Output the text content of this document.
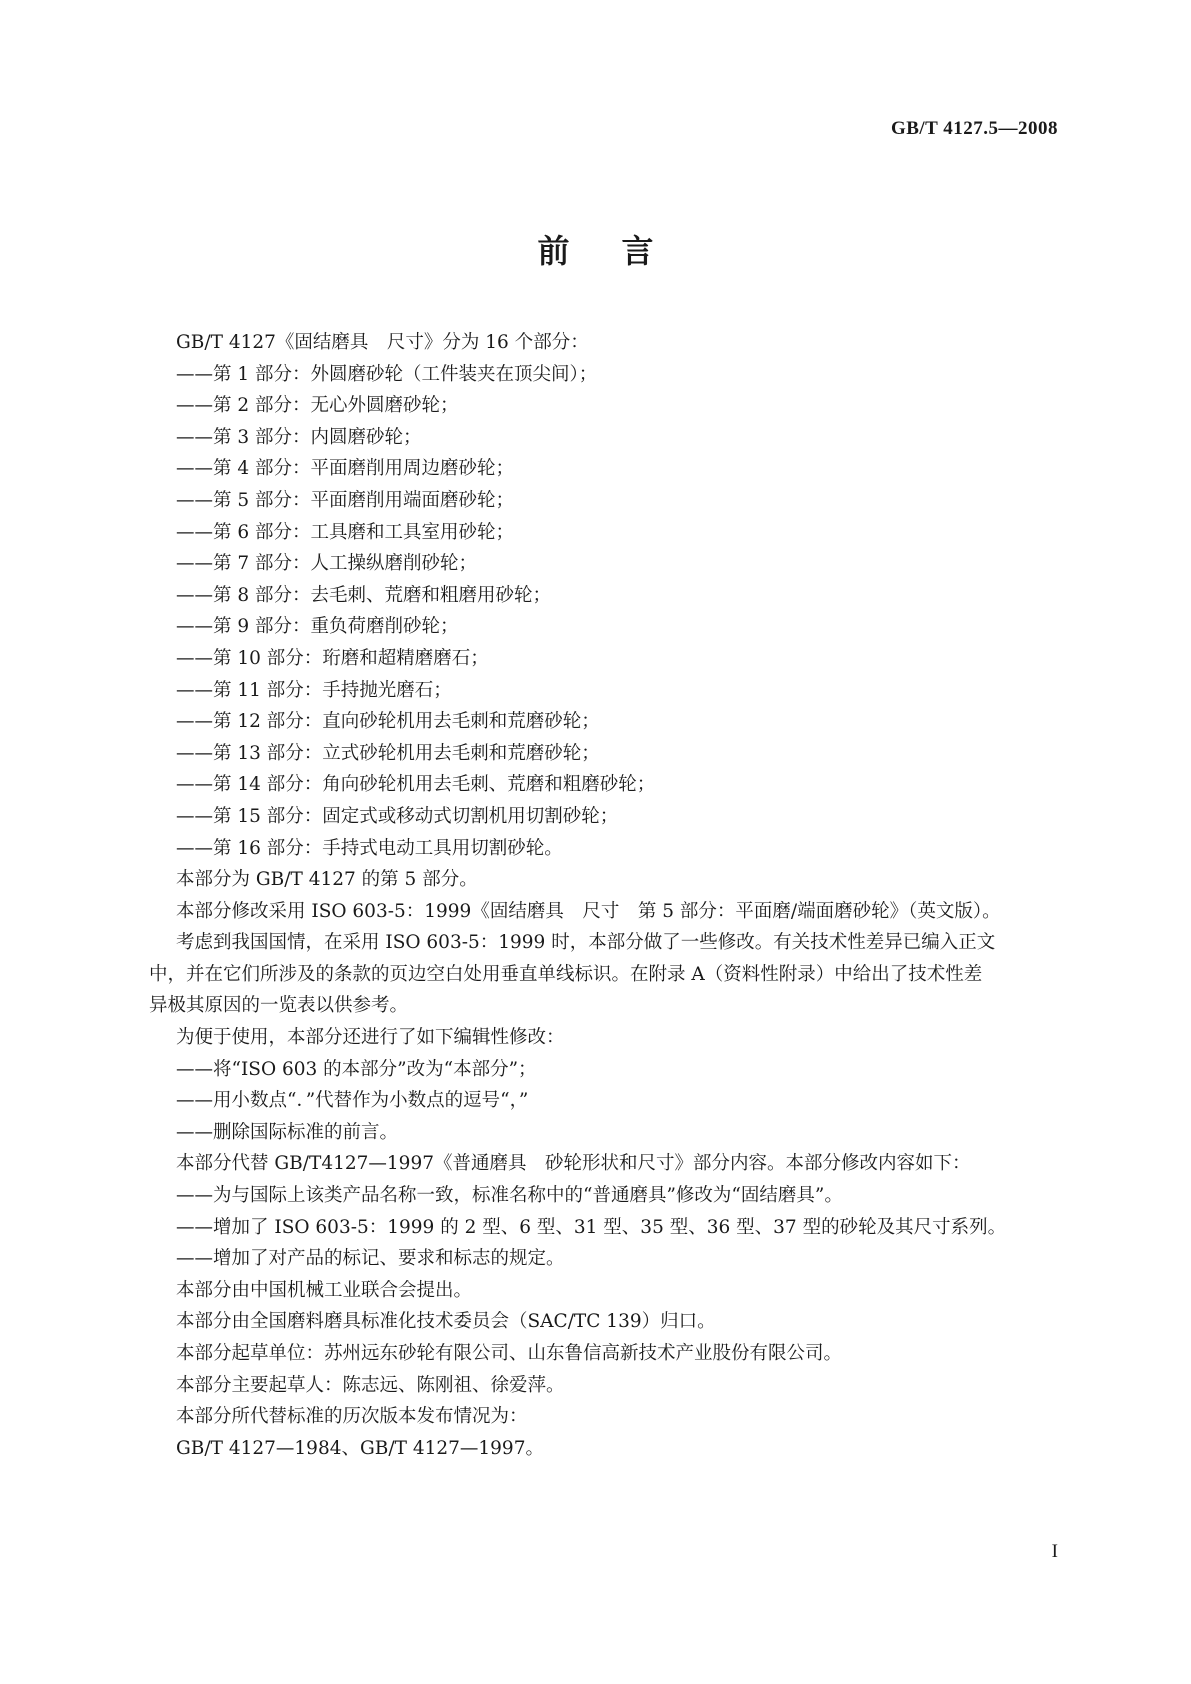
GB/T 4127.5—2008

前言

GB/T 4127《固结磨具　尺寸》分为 16 个部分：

——第 1 部分：外圆磨砂轮（工件装夹在顶尖间）；

——第 2 部分：无心外圆磨砂轮；

——第 3 部分：内圆磨砂轮；

——第 4 部分：平面磨削用周边磨砂轮；

——第 5 部分：平面磨削用端面磨砂轮；

——第 6 部分：工具磨和工具室用砂轮；

——第 7 部分：人工操纵磨削砂轮；

——第 8 部分：去毛刺、荒磨和粗磨用砂轮；

——第 9 部分：重负荷磨削砂轮；

——第 10 部分：珩磨和超精磨磨石；

——第 11 部分：手持抛光磨石；

——第 12 部分：直向砂轮机用去毛刺和荒磨砂轮；

——第 13 部分：立式砂轮机用去毛刺和荒磨砂轮；

——第 14 部分：角向砂轮机用去毛刺、荒磨和粗磨砂轮；

——第 15 部分：固定式或移动式切割机用切割砂轮；

——第 16 部分：手持式电动工具用切割砂轮。

本部分为 GB/T 4127 的第 5 部分。

本部分修改采用 ISO 603-5：1999《固结磨具　尺寸　第 5 部分：平面磨/端面磨砂轮》（英文版）。

考虑到我国国情，在采用 ISO 603-5：1999 时，本部分做了一些修改。有关技术性差异已编入正文

中，并在它们所涉及的条款的页边空白处用垂直单线标识。在附录 A（资料性附录）中给出了技术性差

异极其原因的一览表以供参考。

为便于使用，本部分还进行了如下编辑性修改：

——将“ISO 603 的本部分”改为“本部分”；

——用小数点“．”代替作为小数点的逗号“，”

——删除国际标准的前言。

本部分代替 GB/T4127—1997《普通磨具　砂轮形状和尺寸》部分内容。本部分修改内容如下：

——为与国际上该类产品名称一致，标准名称中的“普通磨具”修改为“固结磨具”。

——增加了 ISO 603-5：1999 的 2 型、6 型、31 型、35 型、36 型、37 型的砂轮及其尺寸系列。

——增加了对产品的标记、要求和标志的规定。

本部分由中国机械工业联合会提出。

本部分由全国磨料磨具标准化技术委员会（SAC/TC 139）归口。

本部分起草单位：苏州远东砂轮有限公司、山东鲁信高新技术产业股份有限公司。

本部分主要起草人：陈志远、陈刚祖、徐爱萍。

本部分所代替标准的历次版本发布情况为：

GB/T 4127—1984、GB/T 4127—1997。

I
